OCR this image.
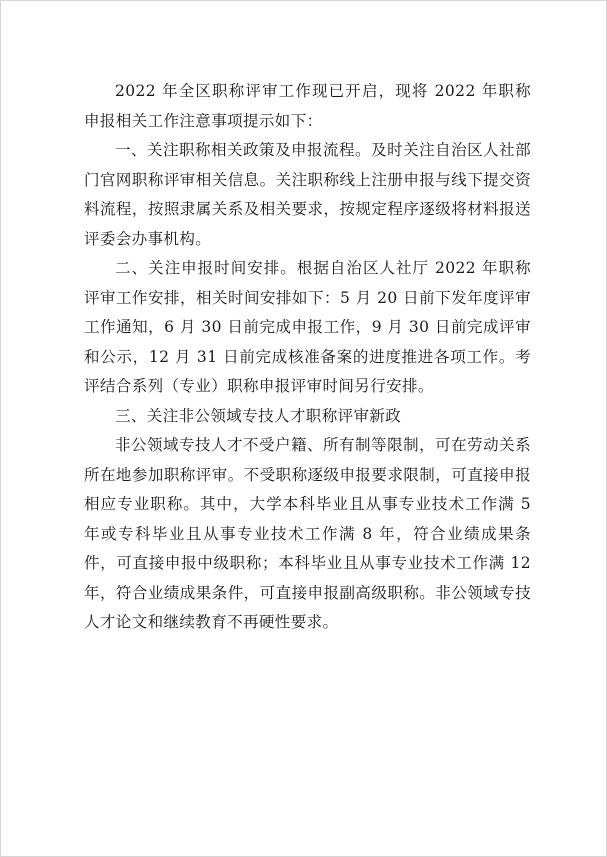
2022 年全区职称评审工作现已开启，现将 2022 年职称申报相关工作注意事项提示如下：

一、关注职称相关政策及申报流程。及时关注自治区人社部门官网职称评审相关信息。关注职称线上注册申报与线下提交资料流程，按照隶属关系及相关要求，按规定程序逐级将材料报送评委会办事机构。

二、关注申报时间安排。根据自治区人社厅 2022 年职称评审工作安排，相关时间安排如下：5 月 20 日前下发年度评审工作通知，6 月 30 日前完成申报工作，9 月 30 日前完成评审和公示，12 月 31 日前完成核准备案的进度推进各项工作。考评结合系列（专业）职称申报评审时间另行安排。

三、关注非公领域专技人才职称评审新政

非公领域专技人才不受户籍、所有制等限制，可在劳动关系所在地参加职称评审。不受职称逐级申报要求限制，可直接申报相应专业职称。其中，大学本科毕业且从事专业技术工作满 5 年或专科毕业且从事专业技术工作满 8 年，符合业绩成果条件，可直接申报中级职称；本科毕业且从事专业技术工作满 12 年，符合业绩成果条件，可直接申报副高级职称。非公领域专技人才论文和继续教育不再硬性要求。
